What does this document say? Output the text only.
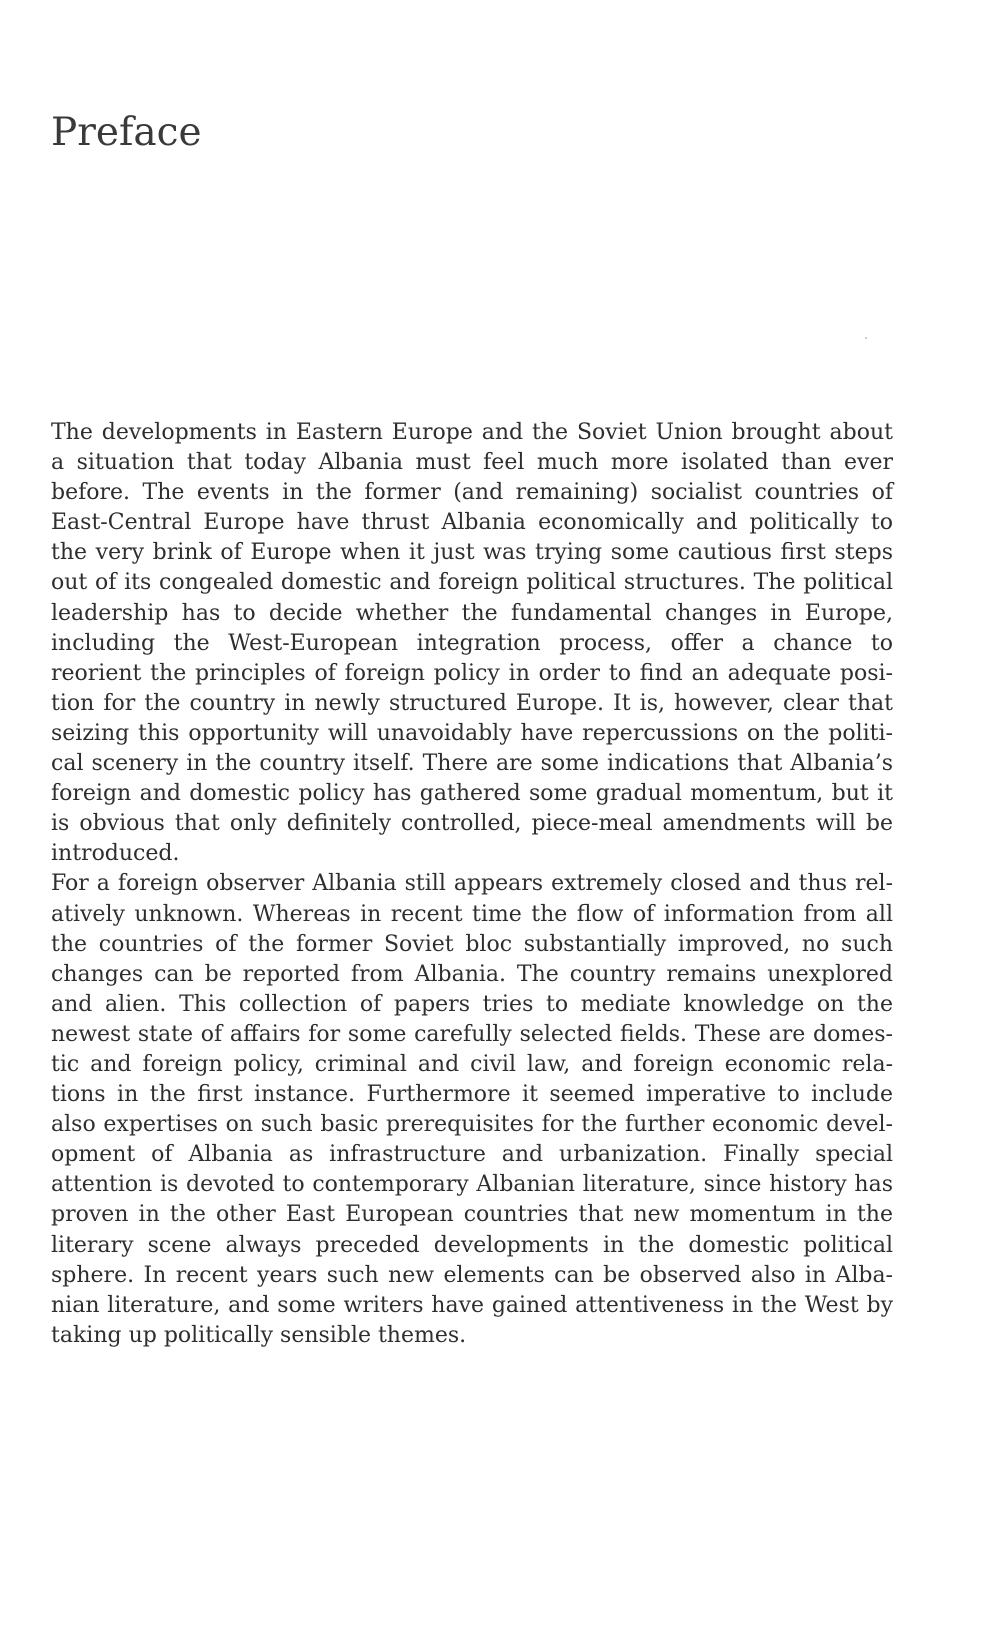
Preface
The developments in Eastern Europe and the Soviet Union brought about
a situation that today Albania must feel much more isolated than ever
before. The events in the former (and remaining) socialist countries of
East-Central Europe have thrust Albania economically and politically to
the very brink of Europe when it just was trying some cautious first steps
out of its congealed domestic and foreign political structures. The political
leadership has to decide whether the fundamental changes in Europe,
including the West-European integration process, offer a chance to
reorient the principles of foreign policy in order to find an adequate posi-
tion for the country in newly structured Europe. It is, however, clear that
seizing this opportunity will unavoidably have repercussions on the politi-
cal scenery in the country itself. There are some indications that Albania’s
foreign and domestic policy has gathered some gradual momentum, but it
is obvious that only definitely controlled, piece-meal amendments will be
introduced.
For a foreign observer Albania still appears extremely closed and thus rel-
atively unknown. Whereas in recent time the flow of information from all
the countries of the former Soviet bloc substantially improved, no such
changes can be reported from Albania. The country remains unexplored
and alien. This collection of papers tries to mediate knowledge on the
newest state of affairs for some carefully selected fields. These are domes-
tic and foreign policy, criminal and civil law, and foreign economic rela-
tions in the first instance. Furthermore it seemed imperative to include
also expertises on such basic prerequisites for the further economic devel-
opment of Albania as infrastructure and urbanization. Finally special
attention is devoted to contemporary Albanian literature, since history has
proven in the other East European countries that new momentum in the
literary scene always preceded developments in the domestic political
sphere. In recent years such new elements can be observed also in Alba-
nian literature, and some writers have gained attentiveness in the West by
taking up politically sensible themes.
